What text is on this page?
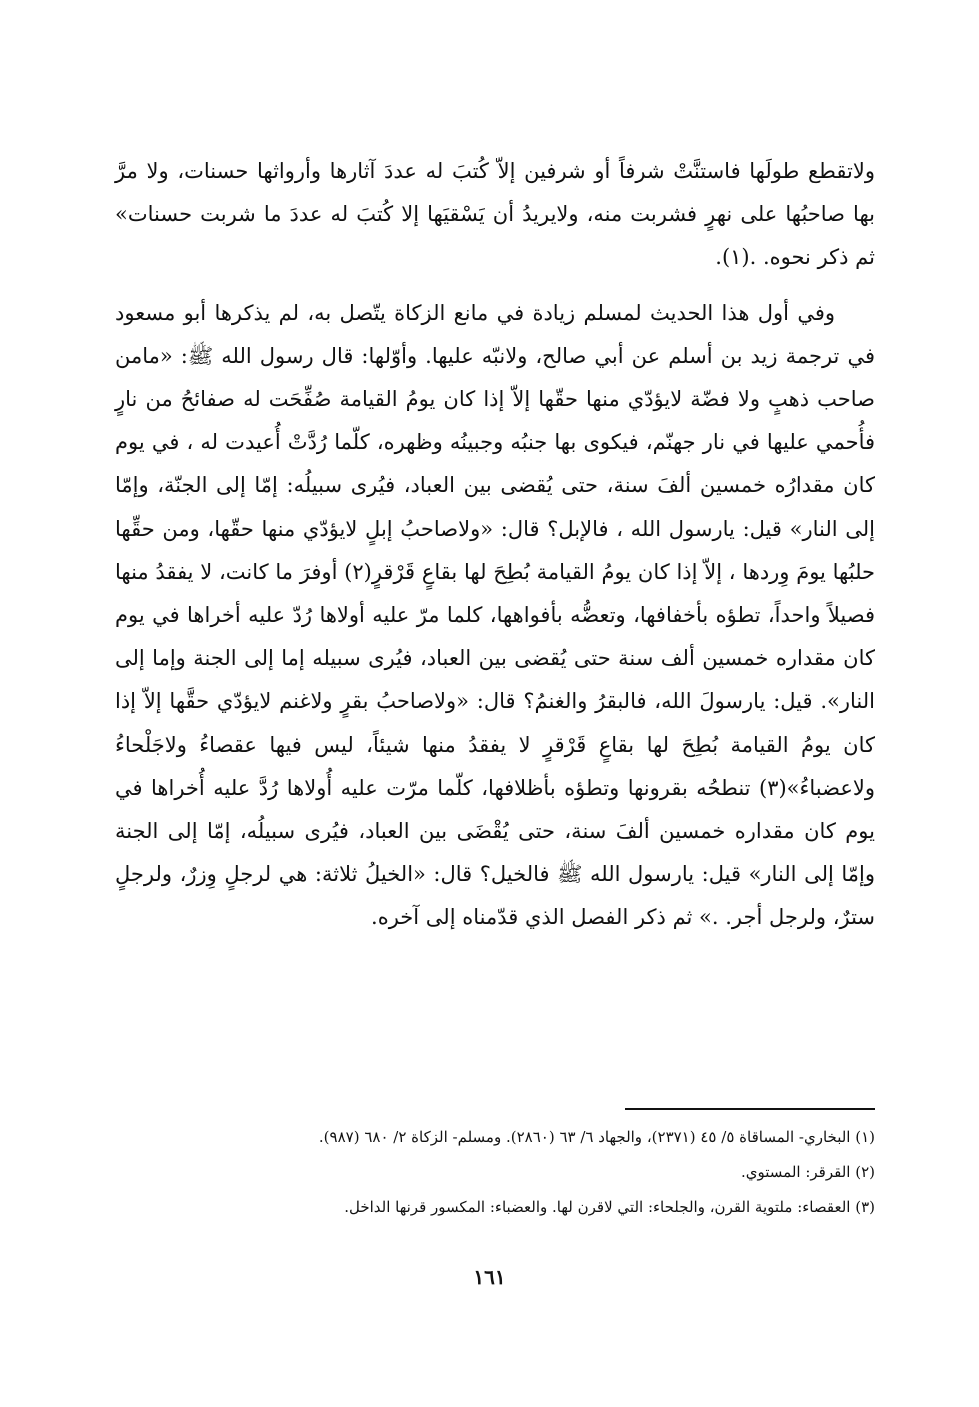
ولاتقطع طولَها فاستنَّتْ شرفاً أو شرفين إلاّ كُتبَ له عددَ آثارها وأرواثها حسنات، ولا مرَّ بها صاحبُها على نهرٍ فشربت منه، ولايريدُ أن يَسْقيَها إلا كُتبَ له عددَ ما شربت حسنات» ثم ذكر نحوه. .(١).

وفي أول هذا الحديث لمسلم زيادة في مانع الزكاة يتّصل به، لم يذكرها أبو مسعود في ترجمة زيد بن أسلم عن أبي صالح، ولانبّه عليها. وأوّلها: قال رسول الله ﷺ: «مامن صاحب ذهبٍ ولا فضّة لايؤدّي منها حقّها إلاّ إذا كان يومُ القيامة صُفِّحَت له صفائحُ من نارٍ فأُحمي عليها في نار جهنّم، فيكوى بها جنبُه وجبينُه وظهره، كلّما رُدَّتْ أُعيدت له ، في يوم كان مقدارُه خمسين ألفَ سنة، حتى يُقضى بين العباد، فيُرى سبيلُه: إمّا إلى الجنّة، وإمّا إلى النار» قيل: يارسول الله ، فالإبل؟ قال: «ولاصاحبُ إبلٍ لايؤدّي منها حقّها، ومن حقِّها حلبُها يومَ وِردها ، إلاّ إذا كان يومُ القيامة بُطِحَ لها بقاعٍ قَرْقرٍ(٢) أوفرَ ما كانت، لا يفقدُ منها فصيلاً واحداً، تطؤه بأخفافها، وتعضُّه بأفواهها، كلما مرّ عليه أولاها رُدّ عليه أخراها في يوم كان مقداره خمسين ألف سنة حتى يُقضى بين العباد، فيُرى سبيله إما إلى الجنة وإما إلى النار». قيل: يارسولَ الله، فالبقرُ والغنمُ؟ قال: «ولاصاحبُ بقرٍ ولاغنم لايؤدّي حقَّها إلاّ إذا كان يومُ القيامة بُطِحَ لها بقاعٍ قَرْقرٍ لا يفقدُ منها شيئاً، ليس فيها عقصاءُ ولاجَلْحاءُ ولاعضباءُ»(٣) تنطحُه بقرونها وتطؤه بأظلافها، كلّما مرّت عليه أُولاها رُدَّ عليه أُخراها في يوم كان مقداره خمسين ألفَ سنة، حتى يُقْضَى بين العباد، فيُرى سبيلُه، إمّا إلى الجنة وإمّا إلى النار» قيل: يارسول الله ﷺ فالخيل؟ قال: «الخيلُ ثلاثة: هي لرجلٍ وِزرٌ، ولرجلٍ سترٌ، ولرجل أجر. .» ثم ذكر الفصل الذي قدّمناه إلى آخره.

(١) البخاري- المساقاة ٥/ ٤٥ (٢٣٧١)، والجهاد ٦/ ٦٣ (٢٨٦٠). ومسلم- الزكاة ٢/ ٦٨٠ (٩٨٧).

(٢) القرقر: المستوي.

(٣) العقصاء: ملتوية القرن، والجلحاء: التي لاقرن لها. والعضباء: المكسور قرنها الداخل.

١٦١
